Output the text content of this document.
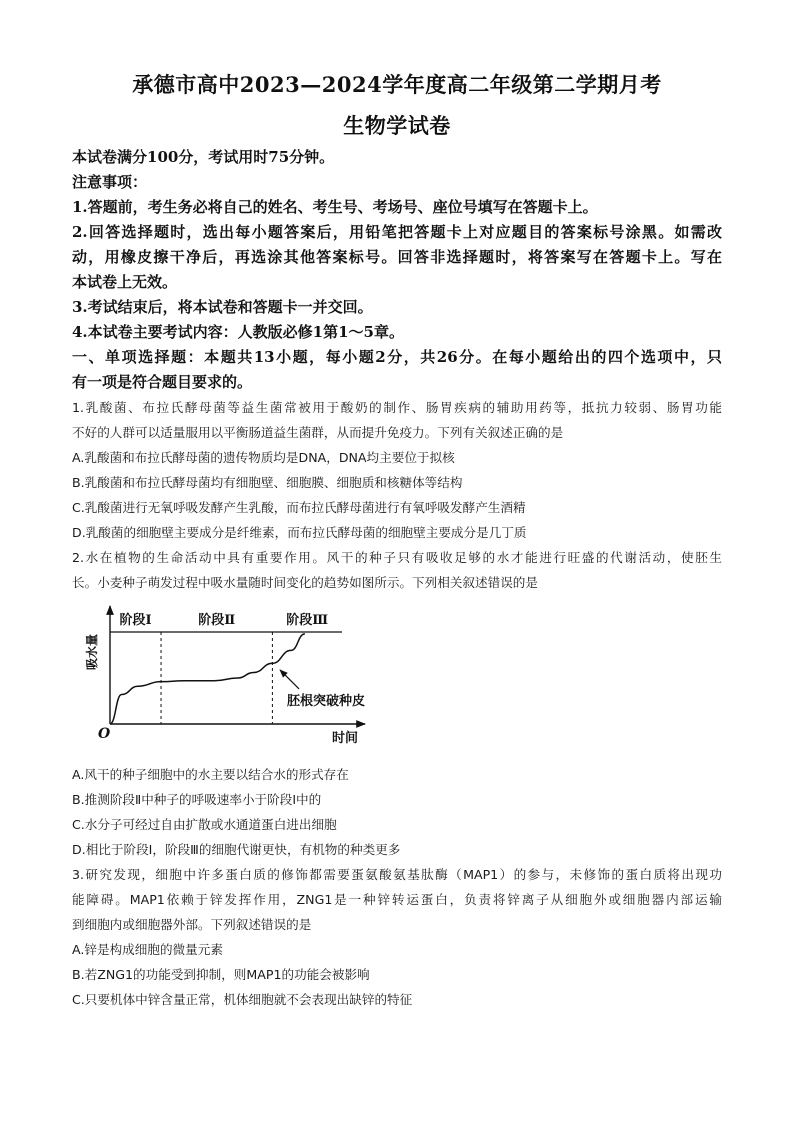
承德市高中2023—2024学年度高二年级第二学期月考
生物学试卷
本试卷满分100分，考试用时75分钟。
注意事项：
1.答题前，考生务必将自己的姓名、考生号、考场号、座位号填写在答题卡上。
2.回答选择题时，选出每小题答案后，用铅笔把答题卡上对应题目的答案标号涂黑。如需改
动，用橡皮擦干净后，再选涂其他答案标号。回答非选择题时，将答案写在答题卡上。写在
本试卷上无效。
3.考试结束后，将本试卷和答题卡一并交回。
4.本试卷主要考试内容：人教版必修1第1～5章。
一、单项选择题：本题共13小题，每小题2分，共26分。在每小题给出的四个选项中，只
有一项是符合题目要求的。
1.乳酸菌、布拉氏酵母菌等益生菌常被用于酸奶的制作、肠胃疾病的辅助用药等，抵抗力较弱、肠胃功能
不好的人群可以适量服用以平衡肠道益生菌群，从而提升免疫力。下列有关叙述正确的是
A.乳酸菌和布拉氏酵母菌的遗传物质均是DNA，DNA均主要位于拟核
B.乳酸菌和布拉氏酵母菌均有细胞壁、细胞膜、细胞质和核糖体等结构
C.乳酸菌进行无氧呼吸发酵产生乳酸，而布拉氏酵母菌进行有氧呼吸发酵产生酒精
D.乳酸菌的细胞壁主要成分是纤维素，而布拉氏酵母菌的细胞壁主要成分是几丁质
2.水在植物的生命活动中具有重要作用。风干的种子只有吸收足够的水才能进行旺盛的代谢活动，使胚生
长。小麦种子萌发过程中吸水量随时间变化的趋势如图所示。下列相关叙述错误的是
阶段Ⅰ	阶段Ⅱ	阶段Ⅲ
胚根突破种皮
吸水量
时间
O
A.风干的种子细胞中的水主要以结合水的形式存在
B.推测阶段Ⅱ中种子的呼吸速率小于阶段Ⅰ中的
C.水分子可经过自由扩散或水通道蛋白进出细胞
D.相比于阶段Ⅰ，阶段Ⅲ的细胞代谢更快，有机物的种类更多
3.研究发现，细胞中许多蛋白质的修饰都需要蛋氨酸氨基肽酶（MAP1）的参与，未修饰的蛋白质将出现功
能障碍。MAP1依赖于锌发挥作用，ZNG1是一种锌转运蛋白，负责将锌离子从细胞外或细胞器内部运输
到细胞内或细胞器外部。下列叙述错误的是
A.锌是构成细胞的微量元素
B.若ZNG1的功能受到抑制，则MAP1的功能会被影响
C.只要机体中锌含量正常，机体细胞就不会表现出缺锌的特征
